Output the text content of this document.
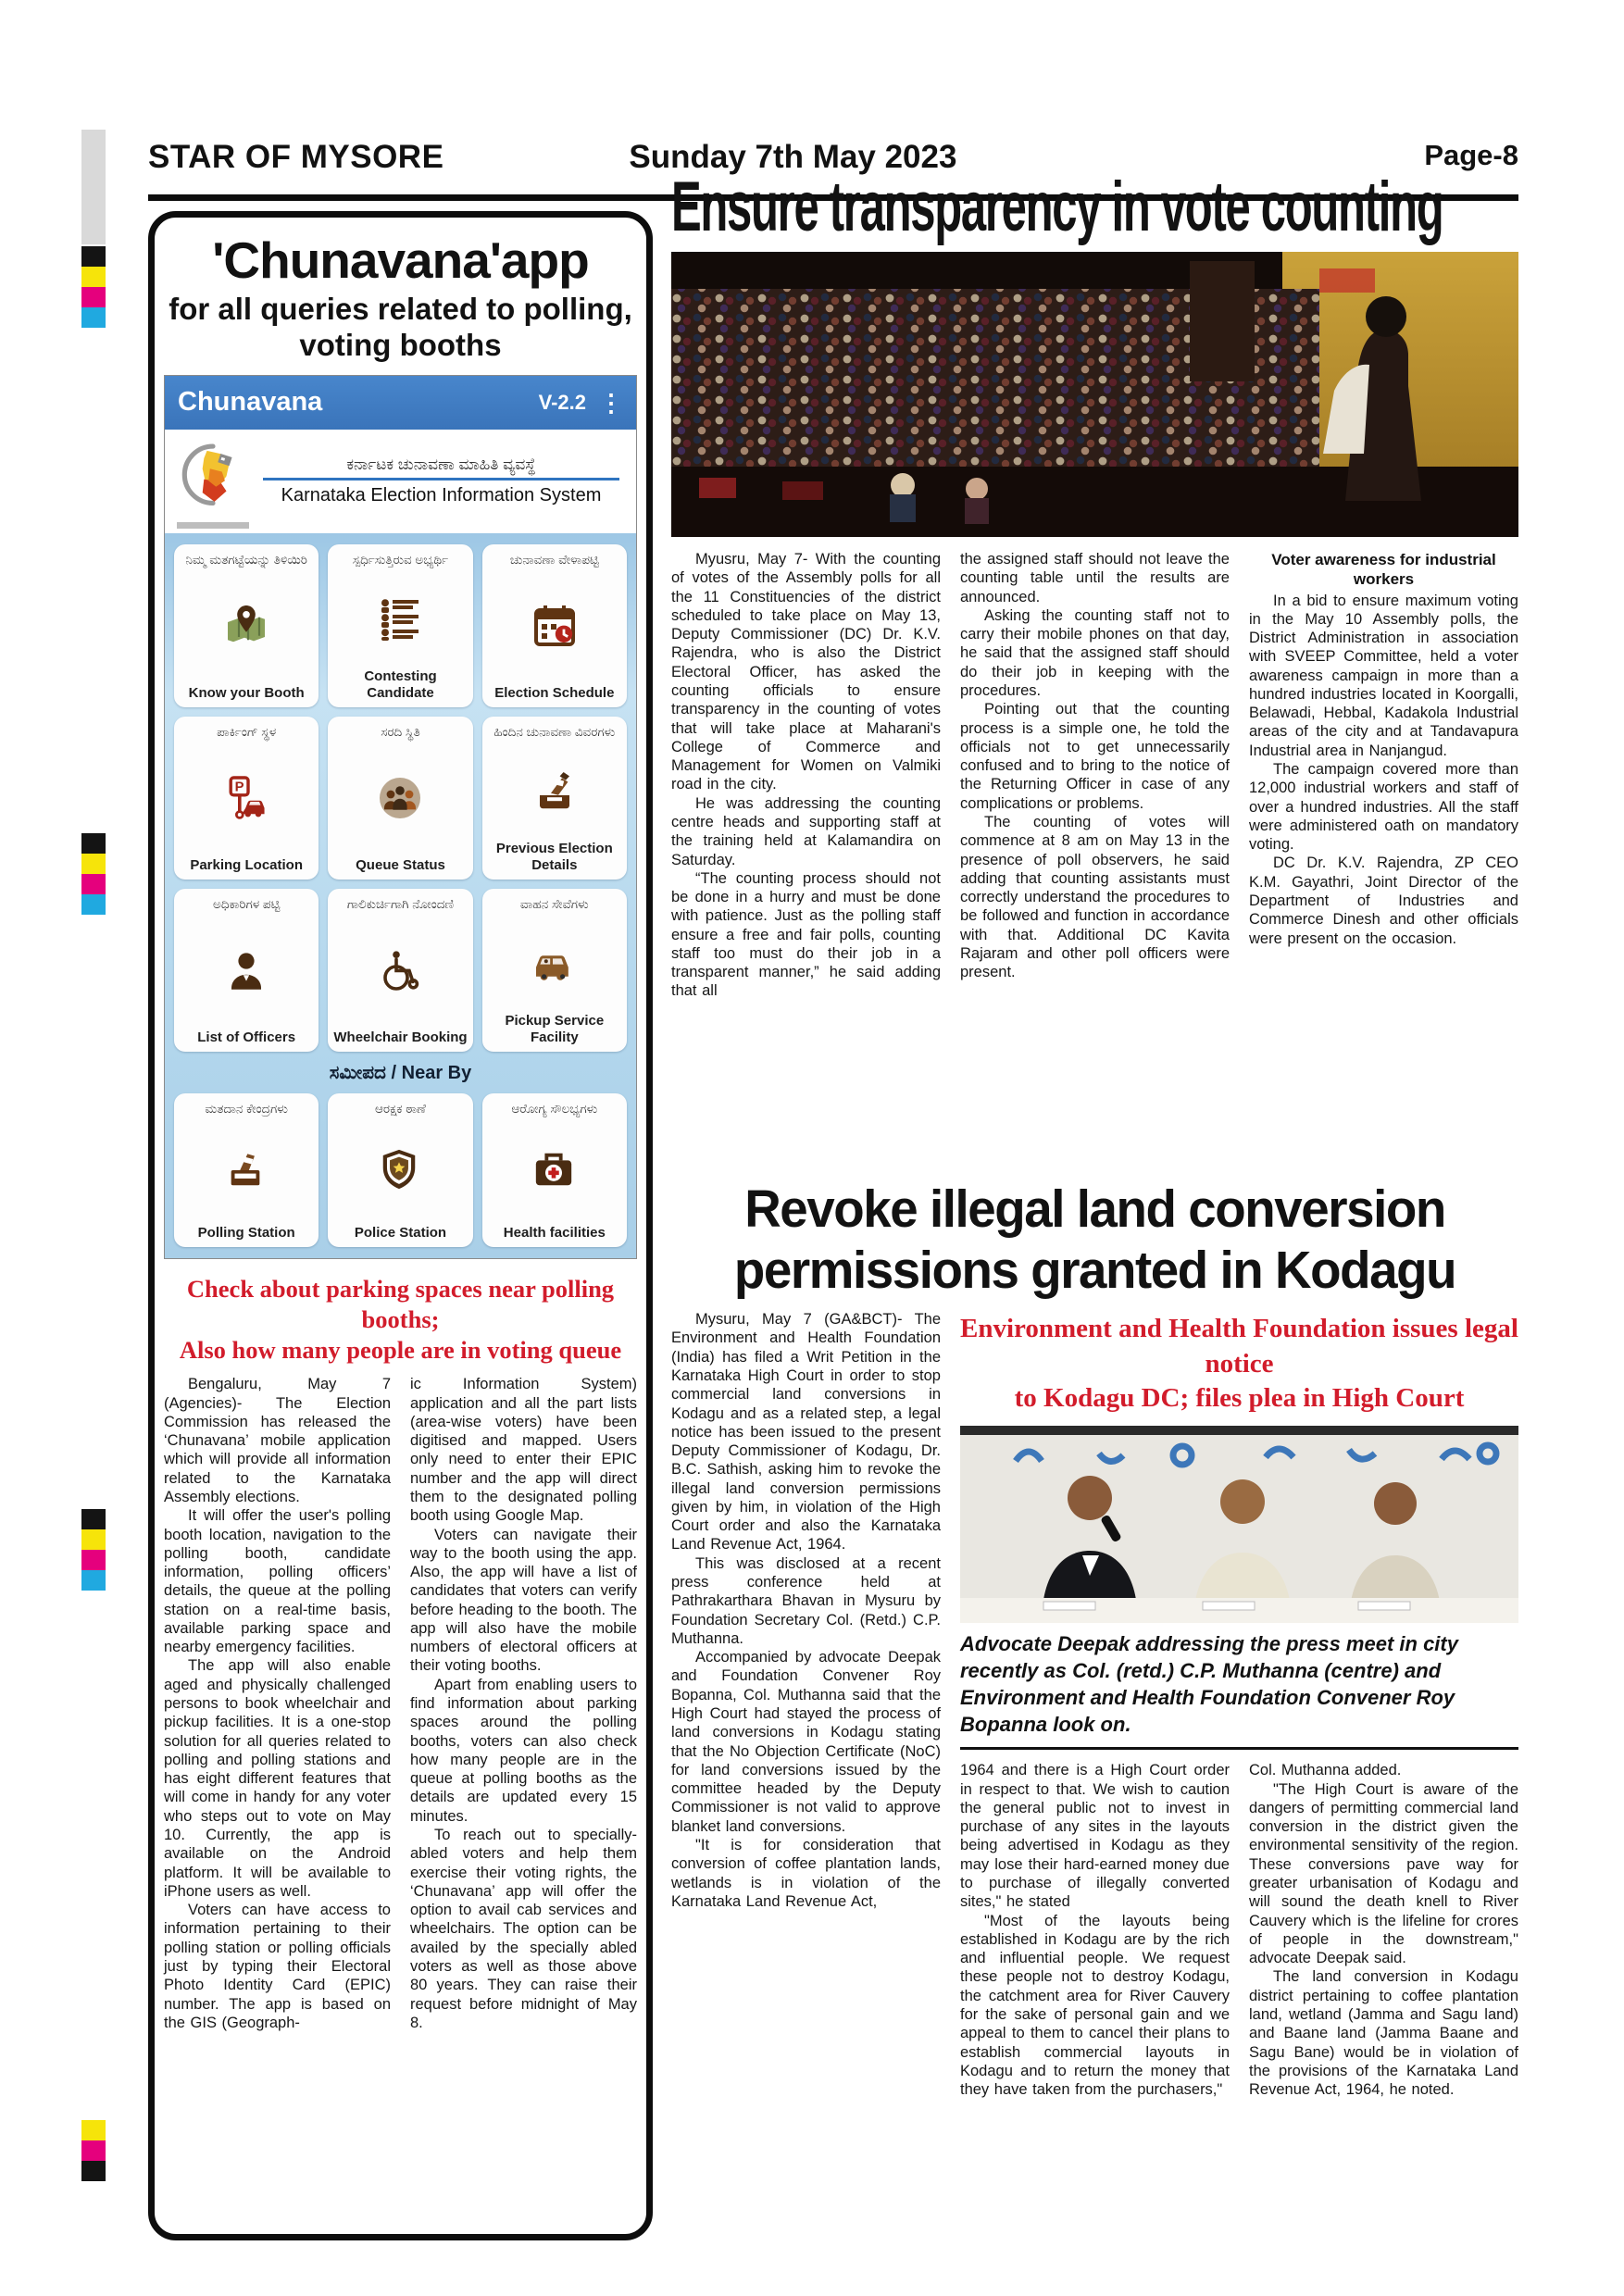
STAR OF MYSORE	Sunday 7th May 2023	Page-8
'Chunavana'app
for all queries related to polling, voting booths
Chunavana	V-2.2 ⋮
ಕರ್ನಾಟಕ ಚುನಾವಣಾ ಮಾಹಿತಿ ವ್ಯವಸ್ಥೆ
Karnataka Election Information System
ನಿಮ್ಮ ಮತಗಟ್ಟೆಯನ್ನು ತಿಳಿಯಿರಿ
Know your Booth
ಸ್ಪರ್ಧಿಸುತ್ತಿರುವ ಅಭ್ಯರ್ಥಿ
Contesting Candidate
ಚುನಾವಣಾ ವೇಳಾಪಟ್ಟಿ
Election Schedule
ಪಾರ್ಕಿಂಗ್ ಸ್ಥಳ
P
Parking Location
ಸರದಿ ಸ್ಥಿತಿ
Queue Status
ಹಿಂದಿನ ಚುನಾವಣಾ ವಿವರಗಳು
Previous Election Details
ಅಧಿಕಾರಿಗಳ ಪಟ್ಟಿ
List of Officers
ಗಾಲಿಕುರ್ಚಿಗಾಗಿ ನೋಂದಣಿ
Wheelchair Booking
ವಾಹನ ಸೇವೆಗಳು
Pickup Service Facility
ಸಮೀಪದ / Near By
ಮತದಾನ ಕೇಂದ್ರಗಳು
Polling Station
ಆರಕ್ಷಕ ಠಾಣೆ
Police Station
ಆರೋಗ್ಯ ಸೌಲಭ್ಯಗಳು
Health facilities
Check about parking spaces near polling booths;
Also how many people are in voting queue

Bengaluru, May 7 (Agencies)- The Election Commission has released the ‘Chunavana’ mobile application which will provide all information related to the Karnataka Assembly elections.

It will offer the user's polling booth location, navigation to the polling booth, candidate information, polling officers’ details, the queue at the polling station on a real-time basis, available parking space and nearby emergency facilities.

The app will also enable aged and physically challenged persons to book wheelchair and pickup facilities. It is a one-stop solution for all queries related to polling and polling stations and has eight different features that will come in handy for any voter who steps out to vote on May 10. Currently, the app is available on the Android platform. It will be available to iPhone users as well.

Voters can have access to information pertaining to their polling station or polling officials just by typing their Electoral Photo Identity Card (EPIC) number. The app is based on the GIS (Geograph-

ic Information System) application and all the part lists (area-wise voters) have been digitised and mapped. Users only need to enter their EPIC number and the app will direct them to the designated polling booth using Google Map.

Voters can navigate their way to the booth using the app. Also, the app will have a list of candidates that voters can verify before heading to the booth. The app will also have the mobile numbers of electoral officers at their voting booths.

Apart from enabling users to find information about parking spaces around the polling booths, voters can also check how many people are in the queue at polling booths as the details are updated every 15 minutes.

To reach out to specially-abled voters and help them exercise their voting rights, the ‘Chunavana’ app will offer the option to avail cab services and wheelchairs. The option can be availed by the specially abled voters as well as those above 80 years. They can raise their request before midnight of May 8.

Ensure transparency in vote counting

Myusru, May 7- With the counting of votes of the Assembly polls for all the 11 Constituencies of the district scheduled to take place on May 13, Deputy Commissioner (DC) Dr. K.V. Rajendra, who is also the District Electoral Officer, has asked the counting officials to ensure transparency in the counting of votes that will take place at Maharani's College of Commerce and Management for Women on Valmiki road in the city.

He was addressing the counting centre heads and supporting staff at the training held at Kalamandira on Saturday.

“The counting process should not be done in a hurry and must be done with patience. Just as the polling staff ensure a free and fair polls, counting staff too must do their job in a transparent manner,” he said adding that all

the assigned staff should not leave the counting table until the results are announced.

Asking the counting staff not to carry their mobile phones on that day, he said that the assigned staff should do their job in keeping with the procedures.

Pointing out that the counting process is a simple one, he told the officials not to get unnecessarily confused and to bring to the notice of the Returning Officer in case of any complications or problems.

The counting of votes will commence at 8 am on May 13 in the presence of poll observers, he said adding that counting assistants must correctly understand the procedures to be followed and function in accordance with that. Additional DC Kavita Rajaram and other poll officers were present.

Voter awareness for industrial workers

In a bid to ensure maximum voting in the May 10 Assembly polls, the District Administration in association with SVEEP Committee, held a voter awareness campaign in more than a hundred industries located in Koorgalli, Belawadi, Hebbal, Kadakola Industrial areas of the city and at Tandavapura Industrial area in Nanjangud.

The campaign covered more than 12,000 industrial workers and staff of over a hundred industries. All the staff were administered oath on mandatory voting.

DC Dr. K.V. Rajendra, ZP CEO K.M. Gayathri, Joint Director of the Department of Industries and Commerce Dinesh and other officials were present on the occasion.

Revoke illegal land conversion
permissions granted in Kodagu

Mysuru, May 7 (GA&BCT)- The Environment and Health Foundation (India) has filed a Writ Petition in the Karnataka High Court in order to stop commercial land conversions in Kodagu and as a related step, a legal notice has been issued to the present Deputy Commissioner of Kodagu, Dr. B.C. Sathish, asking him to revoke the illegal land conversion permissions given by him, in violation of the High Court order and also the Karnataka Land Revenue Act, 1964.

This was disclosed at a recent press conference held at Pathrakarthara Bhavan in Mysuru by Foundation Secretary Col. (Retd.) C.P. Muthanna.

Accompanied by advocate Deepak and Foundation Convener Roy Bopanna, Col. Muthanna said that the High Court had stayed the process of land conversions in Kodagu stating that the No Objection Certificate (NoC) for land conversions issued by the committee headed by the Deputy Commissioner is not valid to approve blanket land conversions.

"It is for consideration that conversion of coffee plantation lands, wetlands is in violation of the Karnataka Land Revenue Act,

Environment and Health Foundation issues legal notice
to Kodagu DC; files plea in High Court
Advocate Deepak addressing the press meet in city recently as Col. (retd.) C.P. Muthanna (centre) and Environment and Health Foundation Convener Roy Bopanna look on.

1964 and there is a High Court order in respect to that. We wish to caution the general public not to invest in purchase of any sites in the layouts being advertised in Kodagu as they may lose their hard-earned money due to purchase of illegally converted sites," he stated

"Most of the layouts being established in Kodagu are by the rich and influential people. We request these people not to destroy Kodagu, the catchment area for River Cauvery for the sake of personal gain and we appeal to them to cancel their plans to establish commercial layouts in Kodagu and to return the money that they have taken from the purchasers,"

Col. Muthanna added.

"The High Court is aware of the dangers of permitting commercial land conversion in the district given the environmental sensitivity of the region. These conversions pave way for greater urbanisation of Kodagu and will sound the death knell to River Cauvery which is the lifeline for crores of people in the downstream," advocate Deepak said.

The land conversion in Kodagu district pertaining to coffee plantation land, wetland (Jamma and Sagu land) and Baane land (Jamma Baane and Sagu Bane) would be in violation of the provisions of the Karnataka Land Revenue Act, 1964, he noted.
